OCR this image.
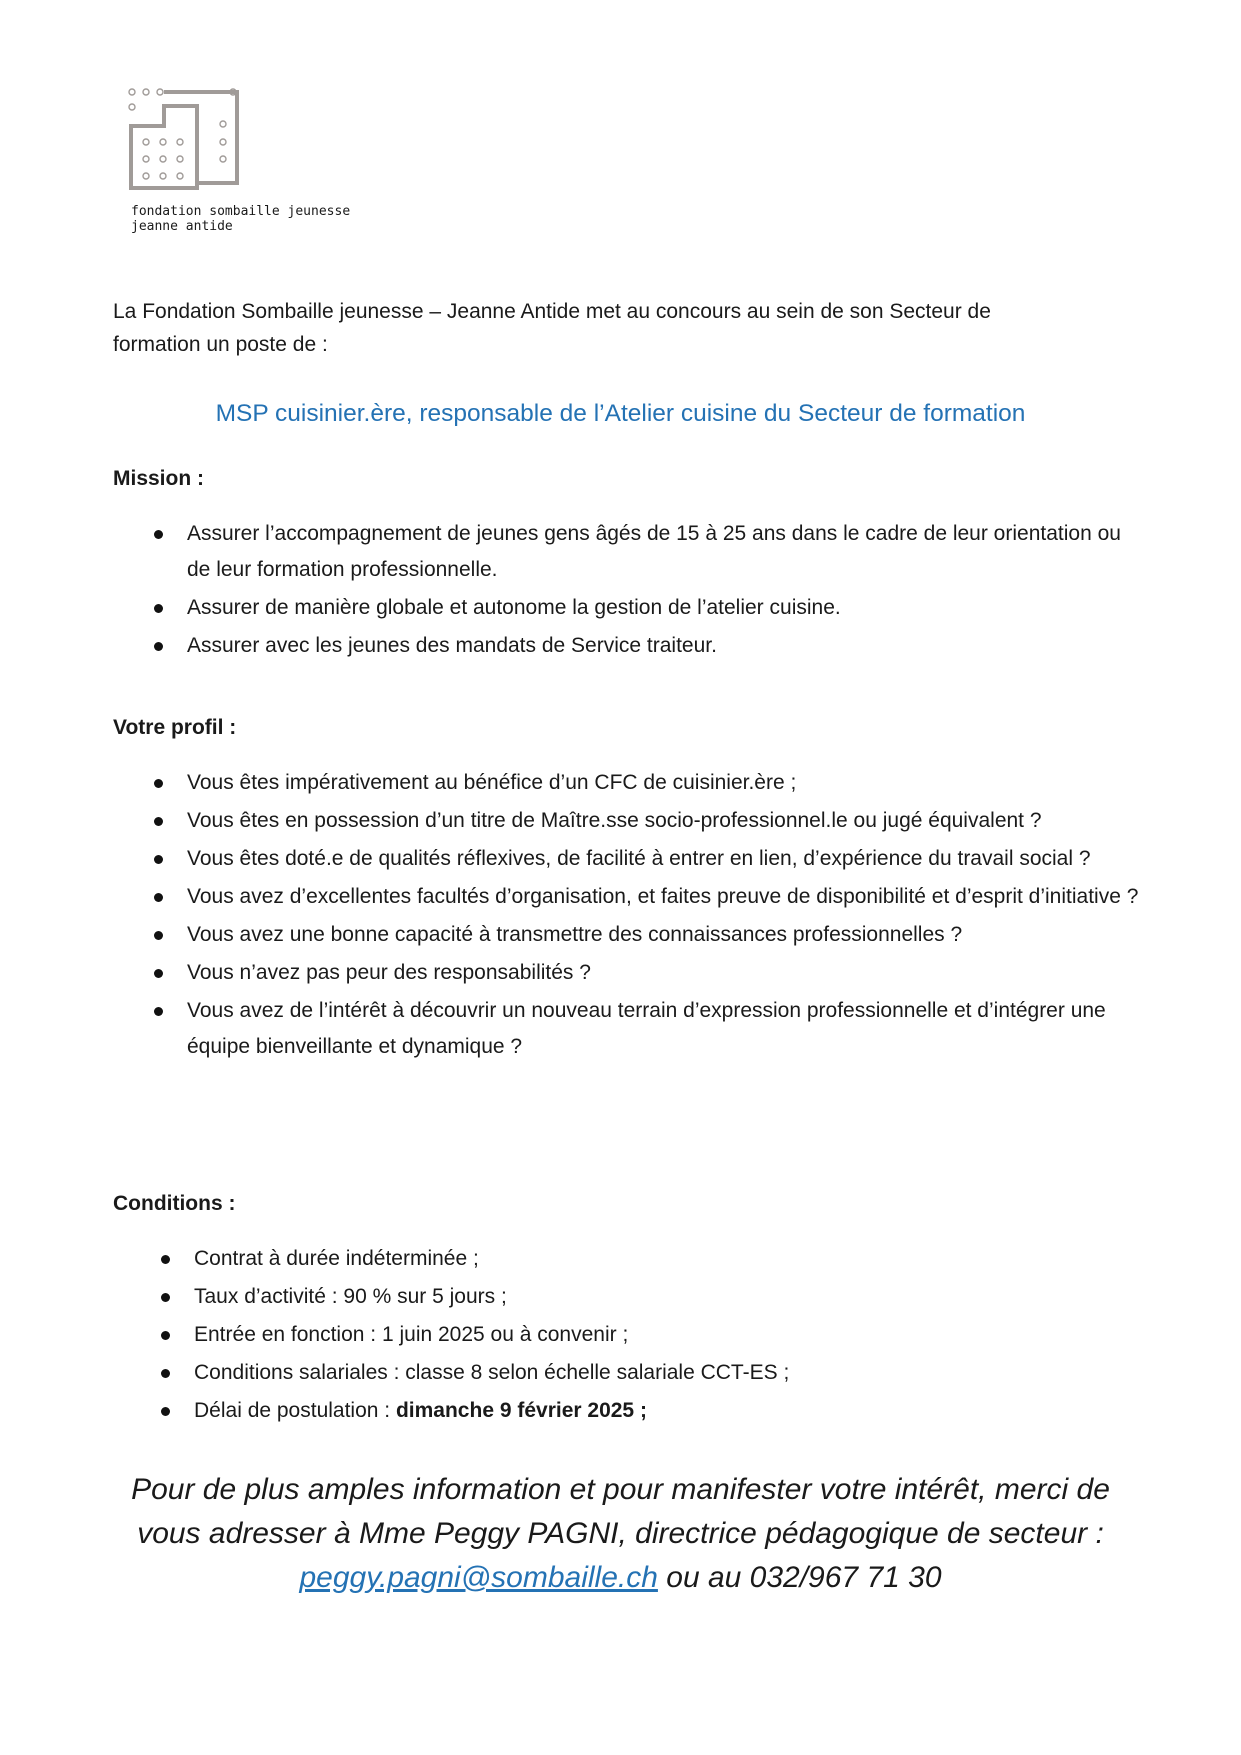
fondation sombaille jeunesse
jeanne antide

La Fondation Sombaille jeunesse – Jeanne Antide met au concours au sein de son Secteur de
formation un poste de :

MSP cuisinier.ère, responsable de l’Atelier cuisine du Secteur de formation
Mission :
Assurer l’accompagnement de jeunes gens âgés de 15 à 25 ans dans le cadre de leur orientation ou de leur formation professionnelle.
Assurer de manière globale et autonome la gestion de l’atelier cuisine.
Assurer avec les jeunes des mandats de Service traiteur.
Votre profil :
Vous êtes impérativement au bénéfice d’un CFC de cuisinier.ère ;
Vous êtes en possession d’un titre de Maître.sse socio-professionnel.le ou jugé équivalent ?
Vous êtes doté.e de qualités réflexives, de facilité à entrer en lien, d’expérience du travail social ?
Vous avez d’excellentes facultés d’organisation, et faites preuve de disponibilité et d’esprit d’initiative ?
Vous avez une bonne capacité à transmettre des connaissances professionnelles ?
Vous n’avez pas peur des responsabilités ?
Vous avez de l’intérêt à découvrir un nouveau terrain d’expression professionnelle et d’intégrer une équipe bienveillante et dynamique ?
Conditions :
Contrat à durée indéterminée ;
Taux d’activité : 90 % sur 5 jours ;
Entrée en fonction : 1 juin 2025 ou à convenir ;
Conditions salariales : classe 8 selon échelle salariale CCT-ES ;
Délai de postulation : dimanche 9 février 2025 ;

Pour de plus amples information et pour manifester votre intérêt, merci de
vous adresser à Mme Peggy PAGNI, directrice pédagogique de secteur :
peggy.pagni@sombaille.ch ou au 032/967 71 30
